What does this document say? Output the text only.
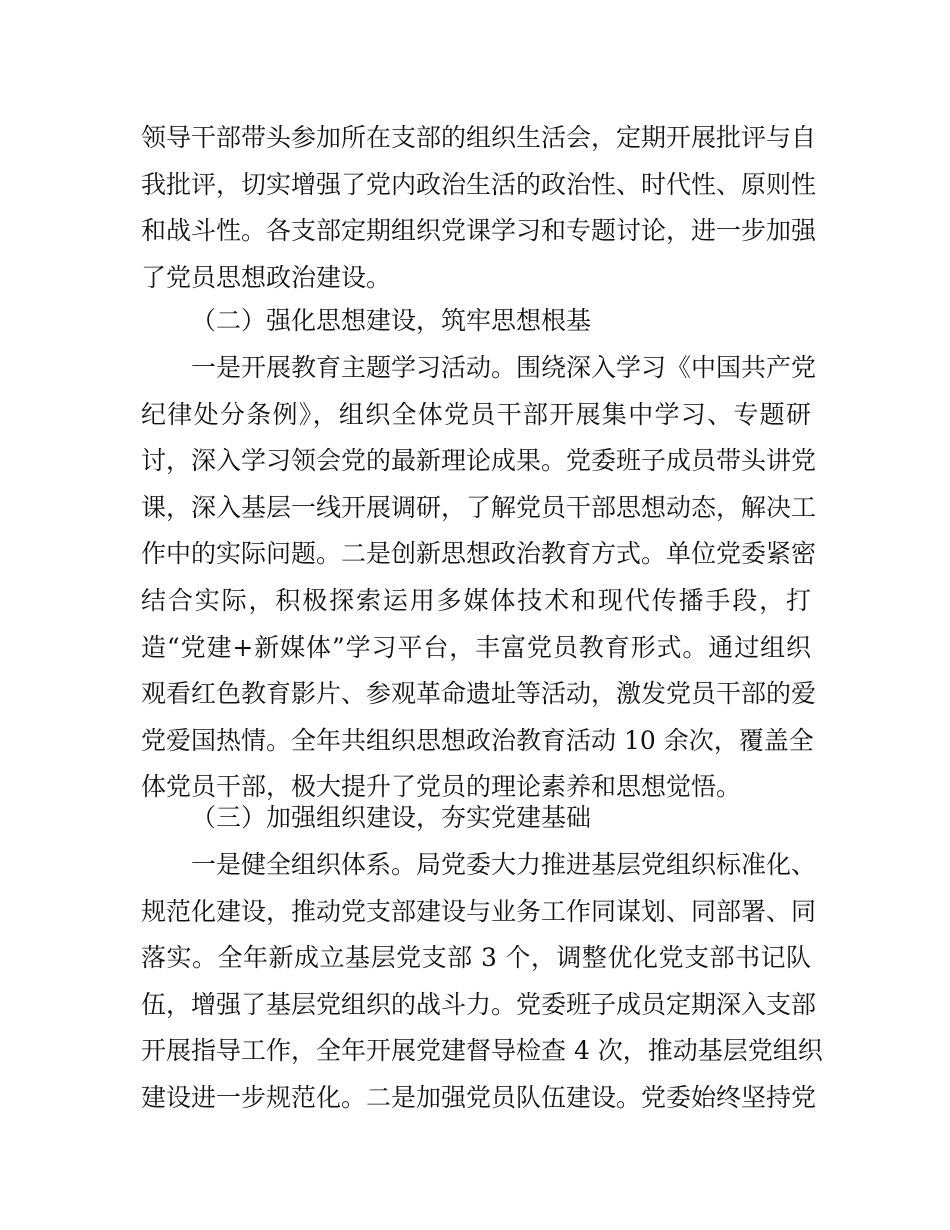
领导干部带头参加所在支部的组织生活会，定期开展批评与自
我批评，切实增强了党内政治生活的政治性、时代性、原则性
和战斗性。各支部定期组织党课学习和专题讨论，进一步加强
了党员思想政治建设。
（二）强化思想建设，筑牢思想根基
一是开展教育主题学习活动。围绕深入学习《中国共产党
纪律处分条例》，组织全体党员干部开展集中学习、专题研
讨，深入学习领会党的最新理论成果。党委班子成员带头讲党
课，深入基层一线开展调研，了解党员干部思想动态，解决工
作中的实际问题。二是创新思想政治教育方式。单位党委紧密
结合实际，积极探索运用多媒体技术和现代传播手段，打
造“党建+新媒体”学习平台，丰富党员教育形式。通过组织
观看红色教育影片、参观革命遗址等活动，激发党员干部的爱
党爱国热情。全年共组织思想政治教育活动 10 余次，覆盖全
体党员干部，极大提升了党员的理论素养和思想觉悟。
（三）加强组织建设，夯实党建基础
一是健全组织体系。局党委大力推进基层党组织标准化、
规范化建设，推动党支部建设与业务工作同谋划、同部署、同
落实。全年新成立基层党支部 3 个，调整优化党支部书记队
伍，增强了基层党组织的战斗力。党委班子成员定期深入支部
开展指导工作，全年开展党建督导检查 4 次，推动基层党组织
建设进一步规范化。二是加强党员队伍建设。党委始终坚持党
